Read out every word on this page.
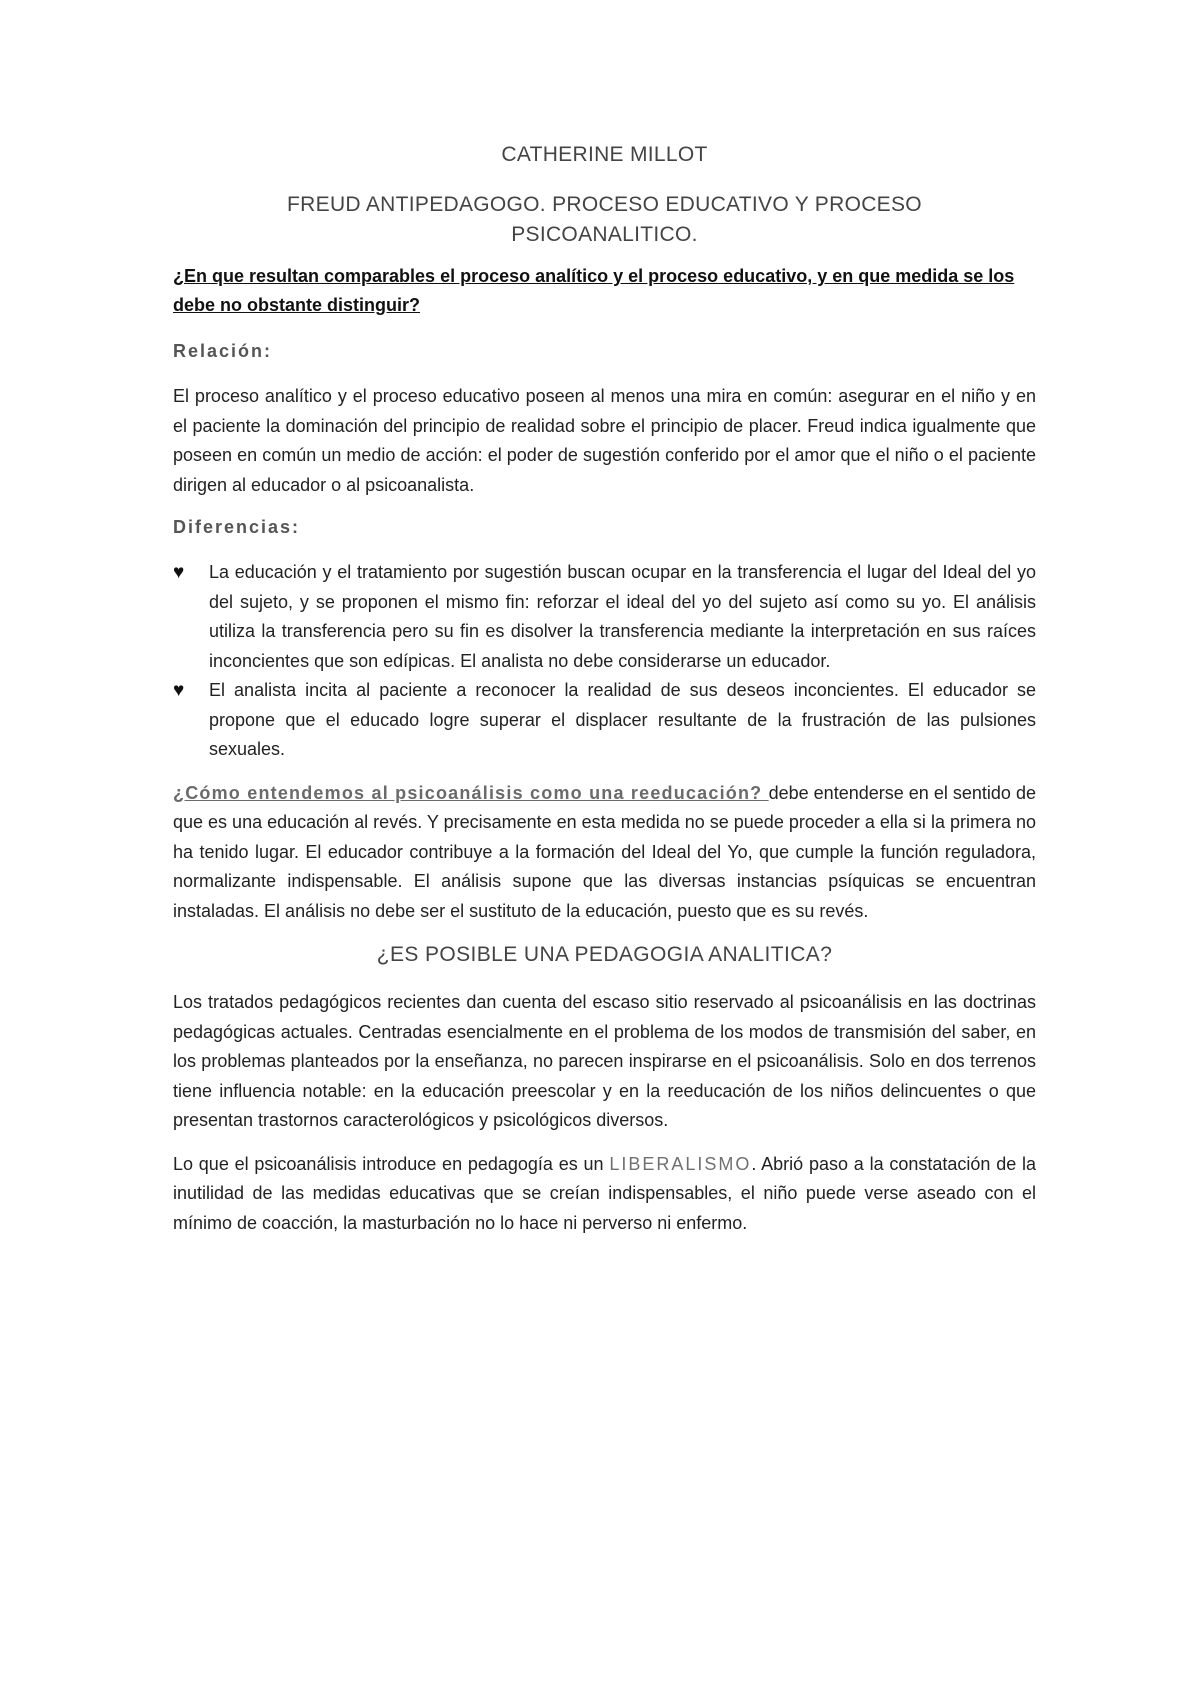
CATHERINE MILLOT
FREUD ANTIPEDAGOGO. PROCESO EDUCATIVO Y PROCESO
PSICOANALITICO.

¿En que resultan comparables el proceso analítico y el proceso educativo, y en que medida se los debe no obstante distinguir?

Relación:

El proceso analítico y el proceso educativo poseen al menos una mira en común: asegurar en el niño y en el paciente la dominación del principio de realidad sobre el principio de placer. Freud indica igualmente que poseen en común un medio de acción: el poder de sugestión conferido por el amor que el niño o el paciente dirigen al educador o al psicoanalista.

Diferencias:
♥ La educación y el tratamiento por sugestión buscan ocupar en la transferencia el lugar del Ideal del yo del sujeto, y se proponen el mismo fin: reforzar el ideal del yo del sujeto así como su yo. El análisis utiliza la transferencia pero su fin es disolver la transferencia mediante la interpretación en sus raíces inconcientes que son edípicas. El analista no debe considerarse un educador.
♥ El analista incita al paciente a reconocer la realidad de sus deseos inconcientes. El educador se propone que el educado logre superar el displacer resultante de la frustración de las pulsiones sexuales.

¿Cómo entendemos al psicoanálisis como una reeducación? debe entenderse en el sentido de que es una educación al revés. Y precisamente en esta medida no se puede proceder a ella si la primera no ha tenido lugar. El educador contribuye a la formación del Ideal del Yo, que cumple la función reguladora, normalizante indispensable. El análisis supone que las diversas instancias psíquicas se encuentran instaladas. El análisis no debe ser el sustituto de la educación, puesto que es su revés.

¿ES POSIBLE UNA PEDAGOGIA ANALITICA?

Los tratados pedagógicos recientes dan cuenta del escaso sitio reservado al psicoanálisis en las doctrinas pedagógicas actuales. Centradas esencialmente en el problema de los modos de transmisión del saber, en los problemas planteados por la enseñanza, no parecen inspirarse en el psicoanálisis. Solo en dos terrenos tiene influencia notable: en la educación preescolar y en la reeducación de los niños delincuentes o que presentan trastornos caracterológicos y psicológicos diversos.

Lo que el psicoanálisis introduce en pedagogía es un LIBERALISMO. Abrió paso a la constatación de la inutilidad de las medidas educativas que se creían indispensables, el niño puede verse aseado con el mínimo de coacción, la masturbación no lo hace ni perverso ni enfermo.
